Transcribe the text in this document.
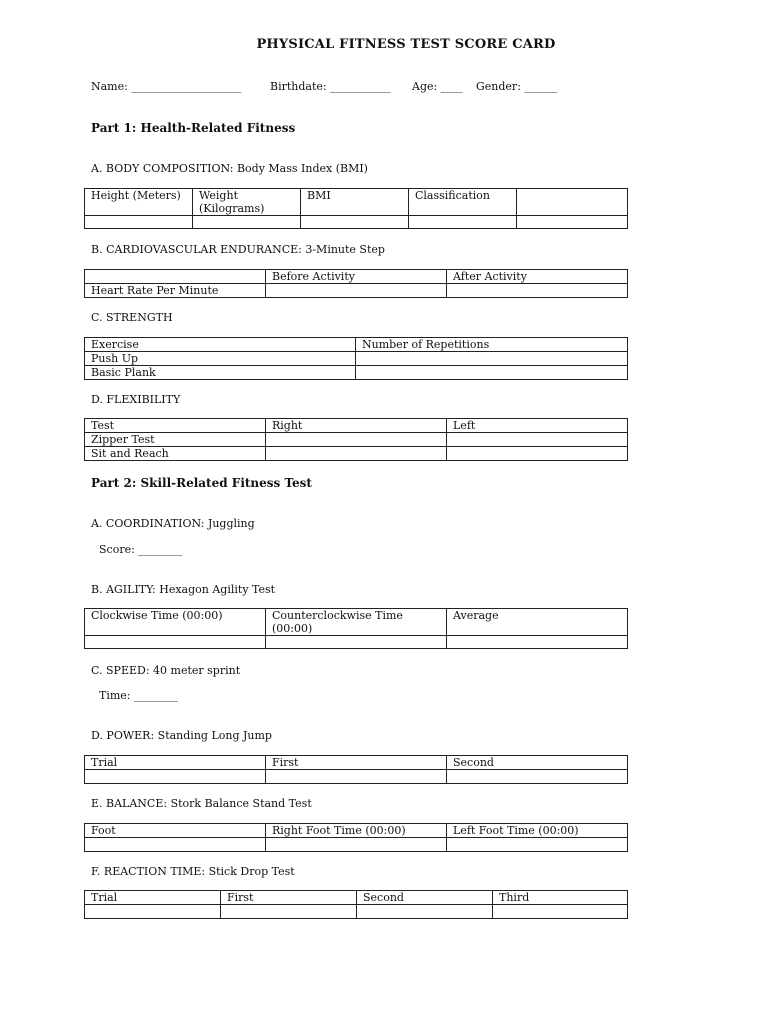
PHYSICAL FITNESS TEST SCORE CARD
Name: ____________________	Birthdate: ___________ Age: ____ Gender: ______
Part 1: Health-Related Fitness
A. BODY COMPOSITION: Body Mass Index (BMI)
Height (Meters)	Weight (Kilograms)	BMI	Classification	

B. CARDIOVASCULAR ENDURANCE: 3-Minute Step
	Before Activity	After Activity
Heart Rate Per Minute		
C. STRENGTH
Exercise	Number of Repetitions
Push Up	
Basic Plank	
D. FLEXIBILITY
Test	Right	Left
Zipper Test		
Sit and Reach		
Part 2: Skill-Related Fitness Test
A. COORDINATION: Juggling
Score: ________
B. AGILITY: Hexagon Agility Test
Clockwise Time (00:00)	Counterclockwise Time (00:00)	Average

C. SPEED: 40 meter sprint
Time: ________
D. POWER: Standing Long Jump
Trial	First	Second

E. BALANCE: Stork Balance Stand Test
Foot	Right Foot Time (00:00)	Left Foot Time (00:00)

F. REACTION TIME: Stick Drop Test
Trial	First	Second	Third
